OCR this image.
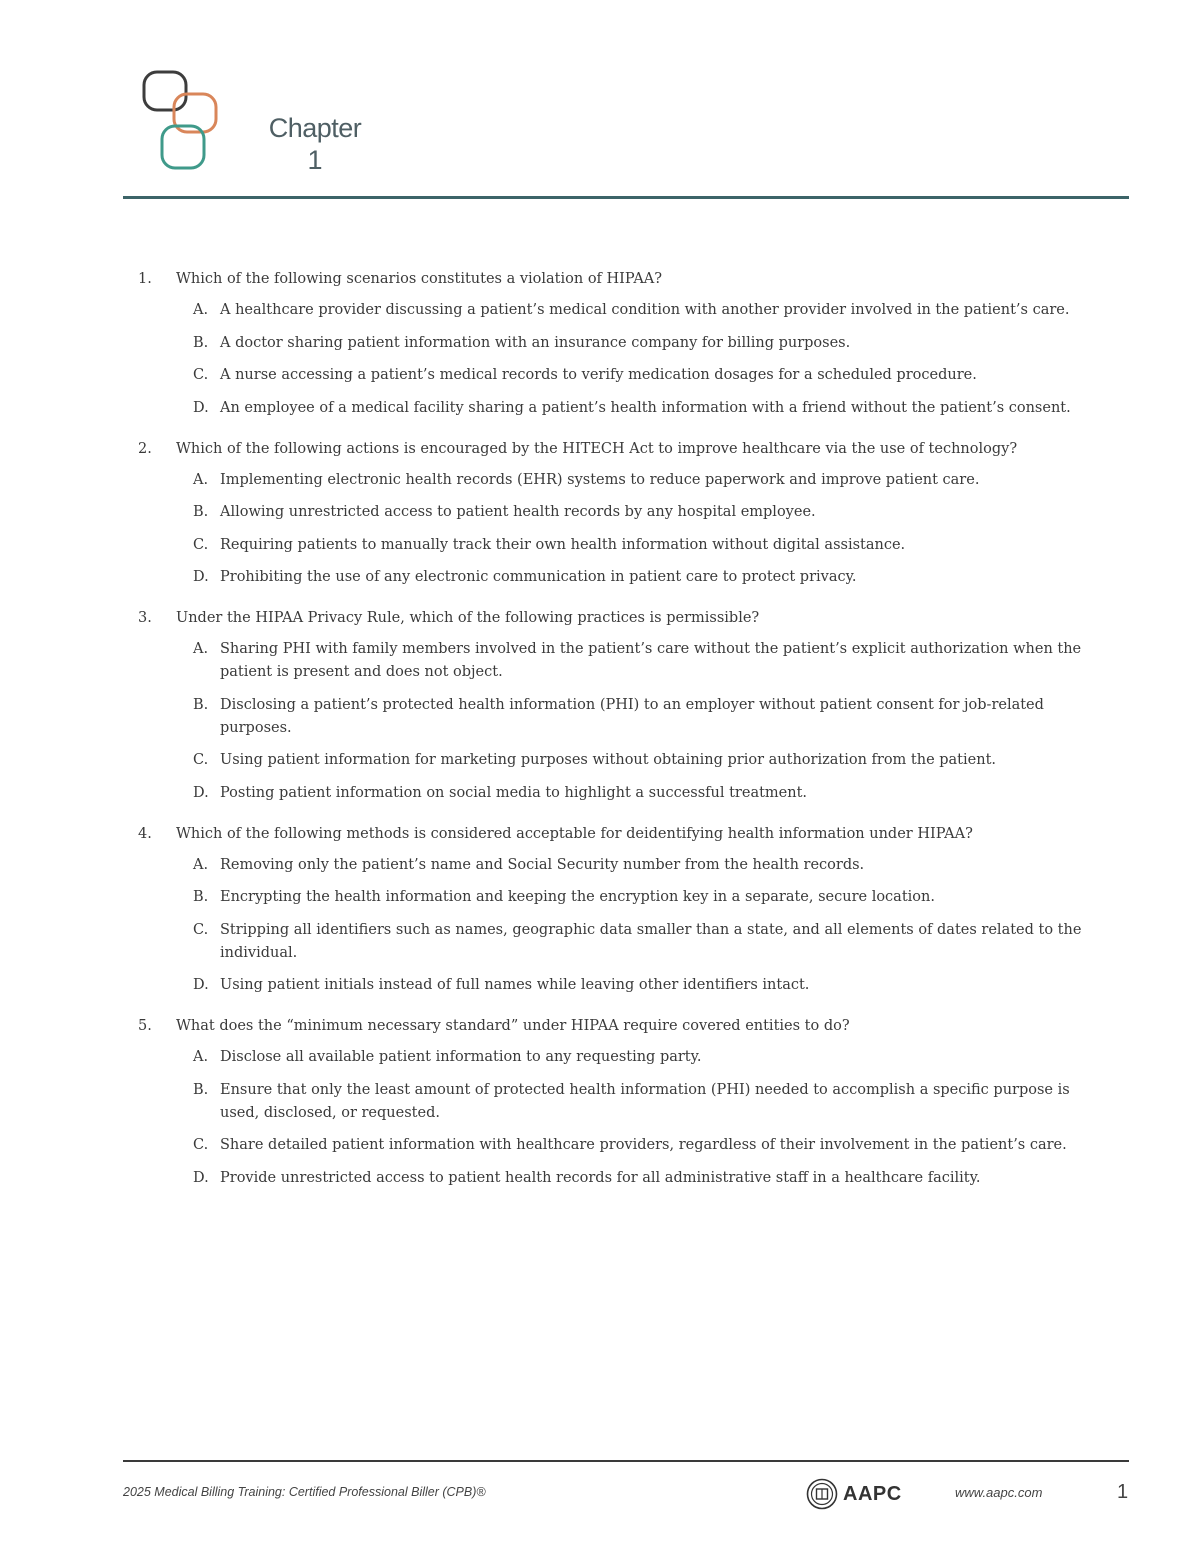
Chapter
1
1.	Which of the following scenarios constitutes a violation of HIPAA?
A. A healthcare provider discussing a patient’s medical condition with another provider involved in the patient’s care.
B. A doctor sharing patient information with an insurance company for billing purposes.
C. A nurse accessing a patient’s medical records to verify medication dosages for a scheduled procedure.
D. An employee of a medical facility sharing a patient’s health information with a friend without the patient’s consent.
2.	Which of the following actions is encouraged by the HITECH Act to improve healthcare via the use of technology?
A. Implementing electronic health records (EHR) systems to reduce paperwork and improve patient care.
B. Allowing unrestricted access to patient health records by any hospital employee.
C. Requiring patients to manually track their own health information without digital assistance.
D. Prohibiting the use of any electronic communication in patient care to protect privacy.
3.	Under the HIPAA Privacy Rule, which of the following practices is permissible?
A. Sharing PHI with family members involved in the patient’s care without the patient’s explicit authorization when the patient is present and does not object.
B. Disclosing a patient’s protected health information (PHI) to an employer without patient consent for job-related purposes.
C. Using patient information for marketing purposes without obtaining prior authorization from the patient.
D. Posting patient information on social media to highlight a successful treatment.
4.	Which of the following methods is considered acceptable for deidentifying health information under HIPAA?
A. Removing only the patient’s name and Social Security number from the health records.
B. Encrypting the health information and keeping the encryption key in a separate, secure location.
C. Stripping all identifiers such as names, geographic data smaller than a state, and all elements of dates related to the individual.
D. Using patient initials instead of full names while leaving other identifiers intact.
5.	What does the “minimum necessary standard” under HIPAA require covered entities to do?
A. Disclose all available patient information to any requesting party.
B. Ensure that only the least amount of protected health information (PHI) needed to accomplish a specific purpose is used, disclosed, or requested.
C. Share detailed patient information with healthcare providers, regardless of their involvement in the patient’s care.
D. Provide unrestricted access to patient health records for all administrative staff in a healthcare facility.
2025 Medical Billing Training: Certified Professional Biller (CPB)®	AAPC	www.aapc.com	1
